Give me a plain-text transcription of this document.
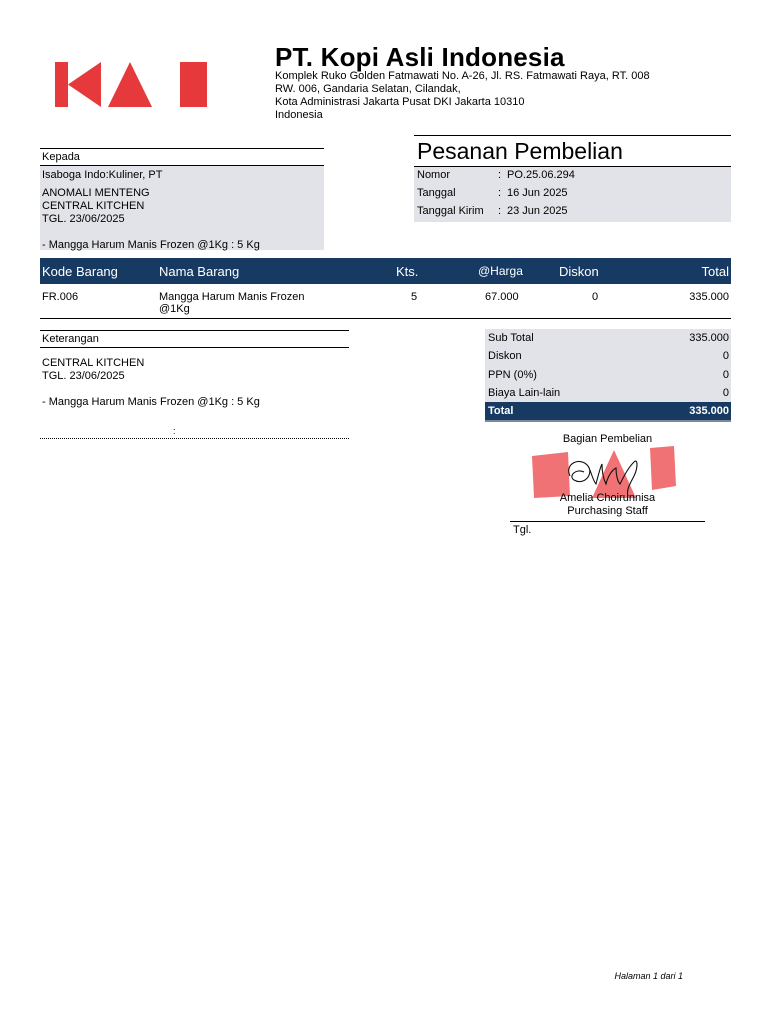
PT. Kopi Asli Indonesia
Komplek Ruko Golden Fatmawati No. A-26, Jl. RS. Fatmawati Raya, RT. 008
RW. 006, Gandaria Selatan, Cilandak,
Kota Administrasi Jakarta Pusat DKI Jakarta 10310
Indonesia
Kepada
Isaboga Indo:Kuliner, PT
ANOMALI MENTENG
CENTRAL KITCHEN
TGL. 23/06/2025

- Mangga Harum Manis Frozen @1Kg : 5 Kg
Pesanan Pembelian
Nomor	: PO.25.06.294
Tanggal	: 16 Jun 2025
Tanggal Kirim : 23 Jun 2025
Kode Barang	Nama Barang	Kts.	@Harga	Diskon	Total
FR.006	Mangga Harum Manis Frozen
@1Kg
5	67.000	0	335.000
Keterangan
CENTRAL KITCHEN
TGL. 23/06/2025

- Mangga Harum Manis Frozen @1Kg : 5 Kg
:
Sub Total	335.000
Diskon	0
PPN (0%)	0
Biaya Lain-lain	0
Total	335.000
Bagian Pembelian
Amelia Choirunnisa
Purchasing Staff
Tgl.
Halaman 1 dari 1
